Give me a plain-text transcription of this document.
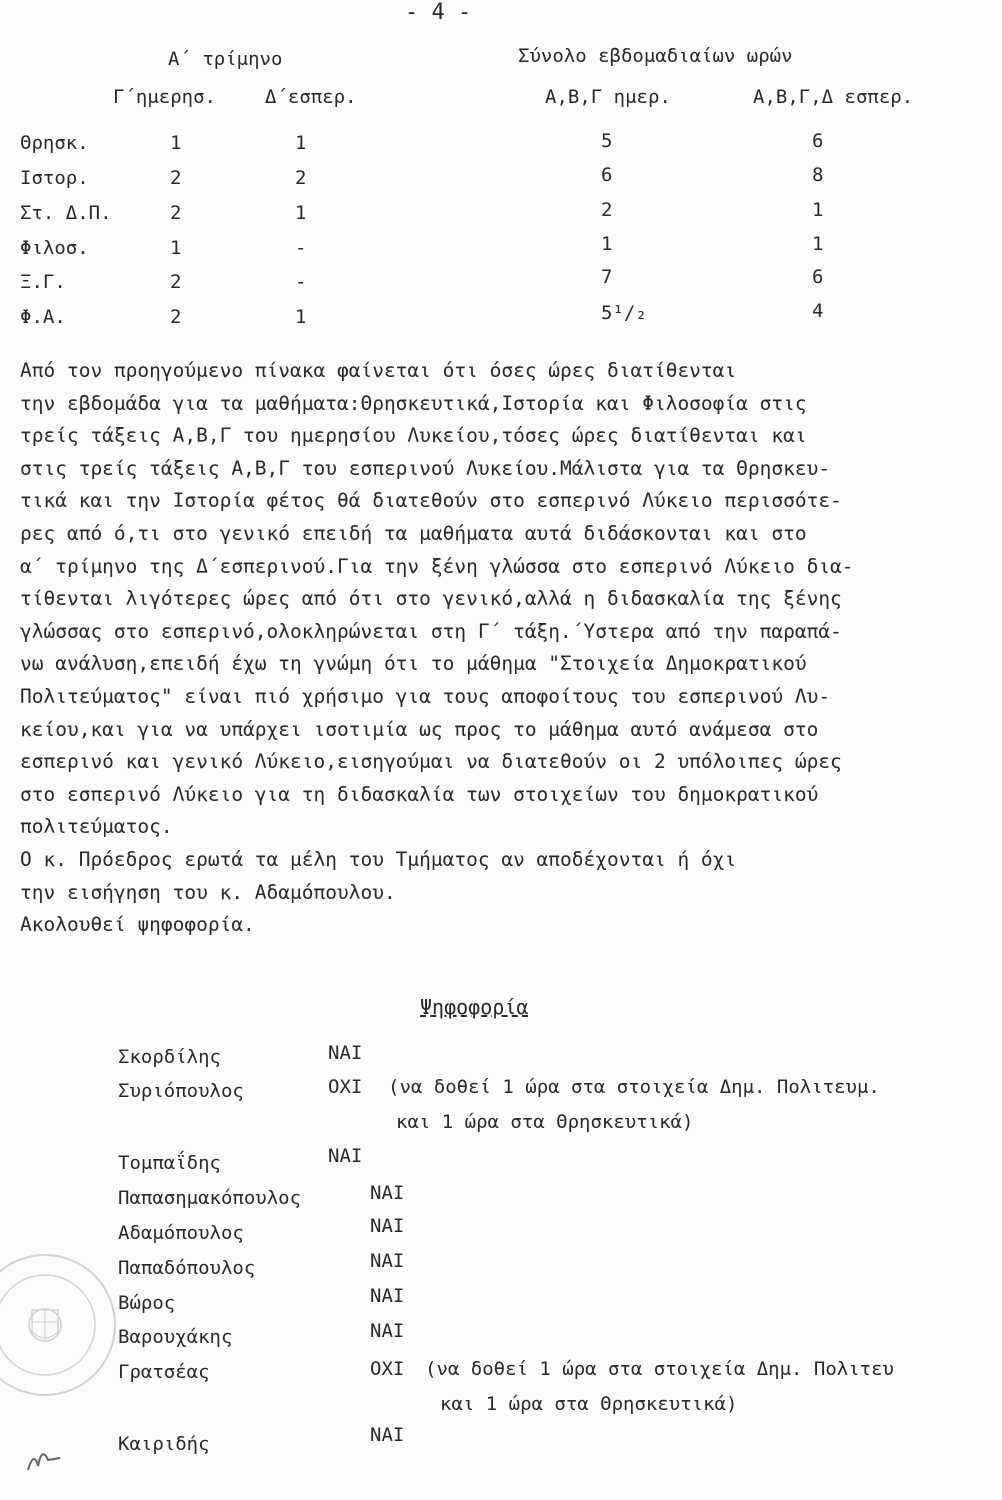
- 4 -
Α΄ τρίμηνο	Σύνολο εβδομαδιαίων ωρών
Γ΄ημερησ.	Δ΄εσπερ.	Α,Β,Γ ημερ.	Α,Β,Γ,Δ εσπερ.
Θρησκ.	1	1	5	6
Ιστορ.	2	2	6	8
Στ. Δ.Π.	2	1	2	1
Φιλοσ.	1	-	1	1
Ξ.Γ.	2	-	7	6
Φ.Α.	2	1	5¹/₂	4
Από τον προηγούμενο πίνακα φαίνεται ότι όσες ώρες διατίθενται
την εβδομάδα για τα μαθήματα:Θρησκευτικά,Ιστορία και Φιλοσοφία στις
τρείς τάξεις Α,Β,Γ του ημερησίου Λυκείου,τόσες ώρες διατίθενται και
στις τρείς τάξεις Α,Β,Γ του εσπερινού Λυκείου.Μάλιστα για τα Θρησκευ-
τικά και την Ιστορία φέτος θά διατεθούν στο εσπερινό Λύκειο περισσότε-
ρες από ό,τι στο γενικό επειδή τα μαθήματα αυτά διδάσκονται και στο
α΄ τρίμηνο της Δ΄εσπερινού.Για την ξένη γλώσσα στο εσπερινό Λύκειο δια-
τίθενται λιγότερες ώρες από ότι στο γενικό,αλλά η διδασκαλία της ξένης
γλώσσας στο εσπερινό,ολοκληρώνεται στη Γ΄ τάξη.΄Υστερα από την παραπά-
νω ανάλυση,επειδή έχω τη γνώμη ότι το μάθημα "Στοιχεία Δημοκρατικού
Πολιτεύματος" είναι πιό χρήσιμο για τους αποφοίτους του εσπερινού Λυ-
κείου,και για να υπάρχει ισοτιμία ως προς το μάθημα αυτό ανάμεσα στο
εσπερινό και γενικό Λύκειο,εισηγούμαι να διατεθούν οι 2 υπόλοιπες ώρες
στο εσπερινό Λύκειο για τη διδασκαλία των στοιχείων του δημοκρατικού
πολιτεύματος.
Ο κ. Πρόεδρος ερωτά τα μέλη του Τμήματος αν αποδέχονται ή όχι
την εισήγηση του κ. Αδαμόπουλου.
Ακολουθεί ψηφοφορία.
Ψηφοφορία
Σκορδίλης	ΝΑΙ
Συριόπουλος	ΟΧΙ (να δοθεί 1 ώρα στα στοιχεία Δημ. Πολιτευμ.
και 1 ώρα στα Θρησκευτικά)
Τομπαΐδης	ΝΑΙ
Παπασημακόπουλος	ΝΑΙ
Αδαμόπουλος	ΝΑΙ
Παπαδόπουλος	ΝΑΙ
Βώρος	ΝΑΙ
Βαρουχάκης	ΝΑΙ
Γρατσέας	ΟΧΙ (να δοθεί 1 ώρα στα στοιχεία Δημ. Πολιτευ
και 1 ώρα στα Θρησκευτικά)
Καιριδής	ΝΑΙ
